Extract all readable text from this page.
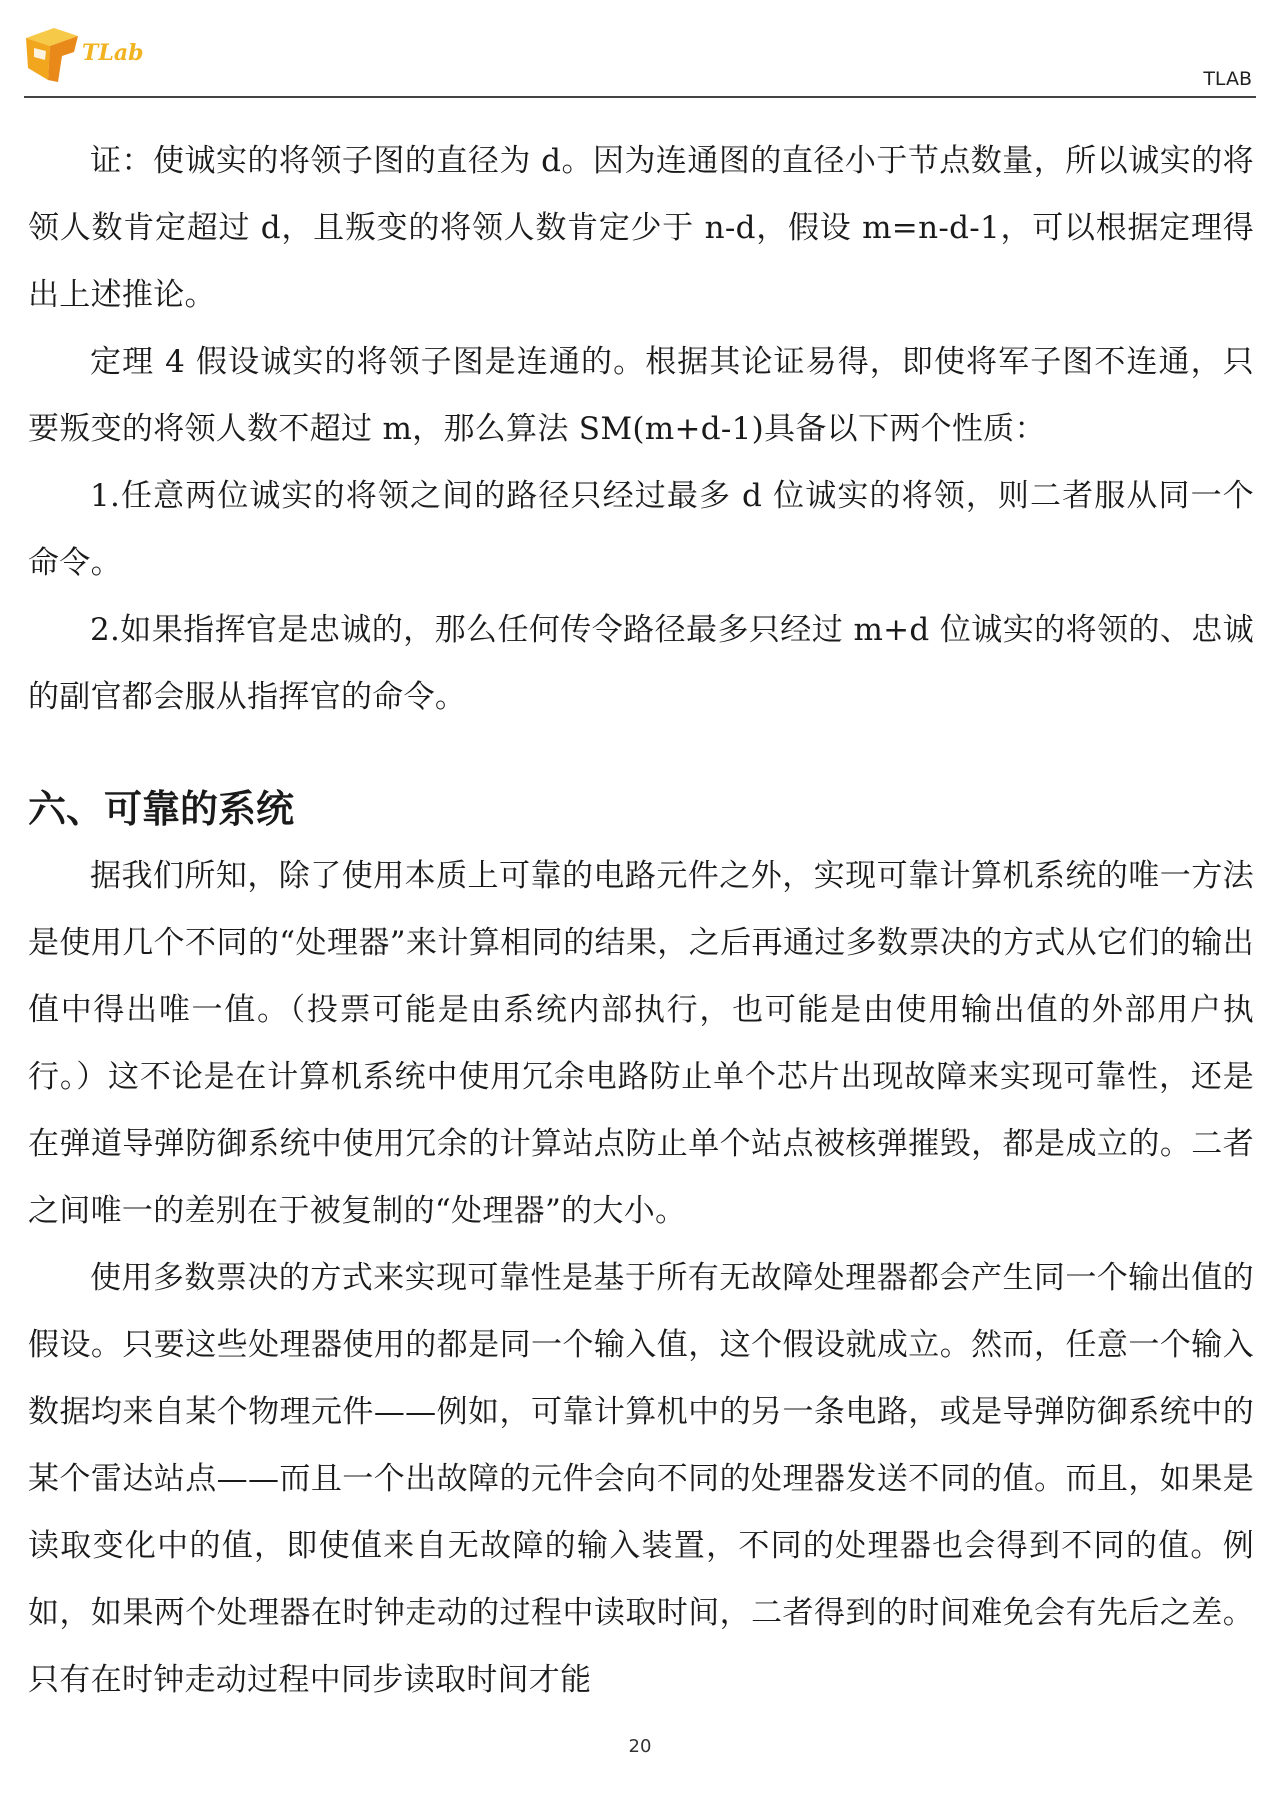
TLab
TLAB

证：使诚实的将领子图的直径为 d。因为连通图的直径小于节点数量，所以诚实的将领人数肯定超过 d，且叛变的将领人数肯定少于 n-d，假设 m=n-d-1，可以根据定理得出上述推论。

定理 4 假设诚实的将领子图是连通的。根据其论证易得，即使将军子图不连通，只要叛变的将领人数不超过 m，那么算法 SM(m+d-1)具备以下两个性质：

1.任意两位诚实的将领之间的路径只经过最多 d 位诚实的将领，则二者服从同一个命令。

2.如果指挥官是忠诚的，那么任何传令路径最多只经过 m+d 位诚实的将领的、忠诚的副官都会服从指挥官的命令。

六、可靠的系统

据我们所知，除了使用本质上可靠的电路元件之外，实现可靠计算机系统的唯一方法是使用几个不同的“处理器”来计算相同的结果，之后再通过多数票决的方式从它们的输出值中得出唯一值。（投票可能是由系统内部执行，也可能是由使用输出值的外部用户执行。）这不论是在计算机系统中使用冗余电路防止单个芯片出现故障来实现可靠性，还是在弹道导弹防御系统中使用冗余的计算站点防止单个站点被核弹摧毁，都是成立的。二者之间唯一的差别在于被复制的“处理器”的大小。

使用多数票决的方式来实现可靠性是基于所有无故障处理器都会产生同一个输出值的假设。只要这些处理器使用的都是同一个输入值，这个假设就成立。然而，任意一个输入数据均来自某个物理元件——例如，可靠计算机中的另一条电路，或是导弹防御系统中的某个雷达站点——而且一个出故障的元件会向不同的处理器发送不同的值。而且，如果是读取变化中的值，即使值来自无故障的输入装置，不同的处理器也会得到不同的值。例如，如果两个处理器在时钟走动的过程中读取时间，二者得到的时间难免会有先后之差。只有在时钟走动过程中同步读取时间才能

20
